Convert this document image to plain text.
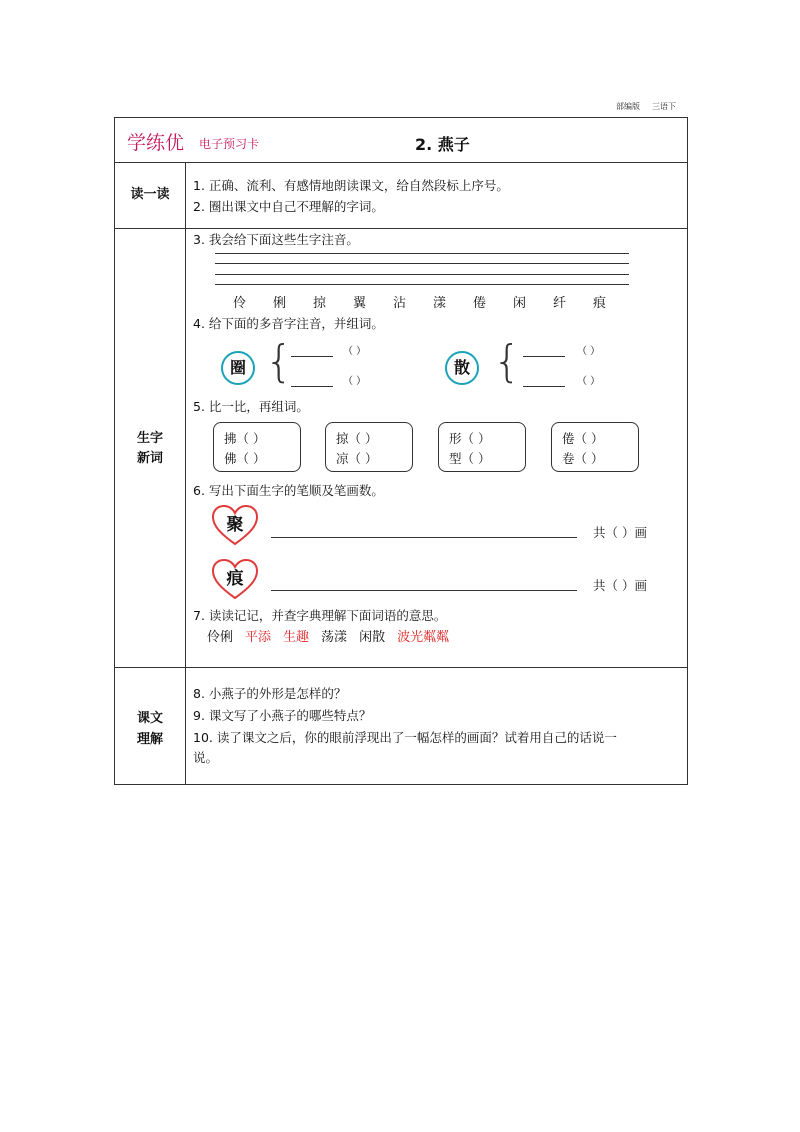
部编版 三语下
学练优 电子预习卡	2. 燕子
读一读
1. 正确、流利、有感情地朗读课文，给自然段标上序号。
2. 圈出课文中自己不理解的字词。
生字
新词
3. 我会给下面这些生字注音。
伶 俐 掠 翼 沾 漾 倦 闲 纤 痕
4. 给下面的多音字注音，并组词。
圈 {	（ ）
（ ）
散 {	（ ）
（ ）
5. 比一比，再组词。
拂（ ）
佛（ ）
掠（ ）
凉（ ）
形（ ）
型（ ）
倦（ ）
卷（ ）
6. 写出下面生字的笔顺及笔画数。
聚	共（ ）画
痕	共（ ）画
7. 读读记记，并查字典理解下面词语的意思。
伶俐 平添 生趣 荡漾 闲散 波光粼粼
课文
理解
8. 小燕子的外形是怎样的？
9. 课文写了小燕子的哪些特点？
10. 读了课文之后，你的眼前浮现出了一幅怎样的画面？试着用自己的话说一
说。
